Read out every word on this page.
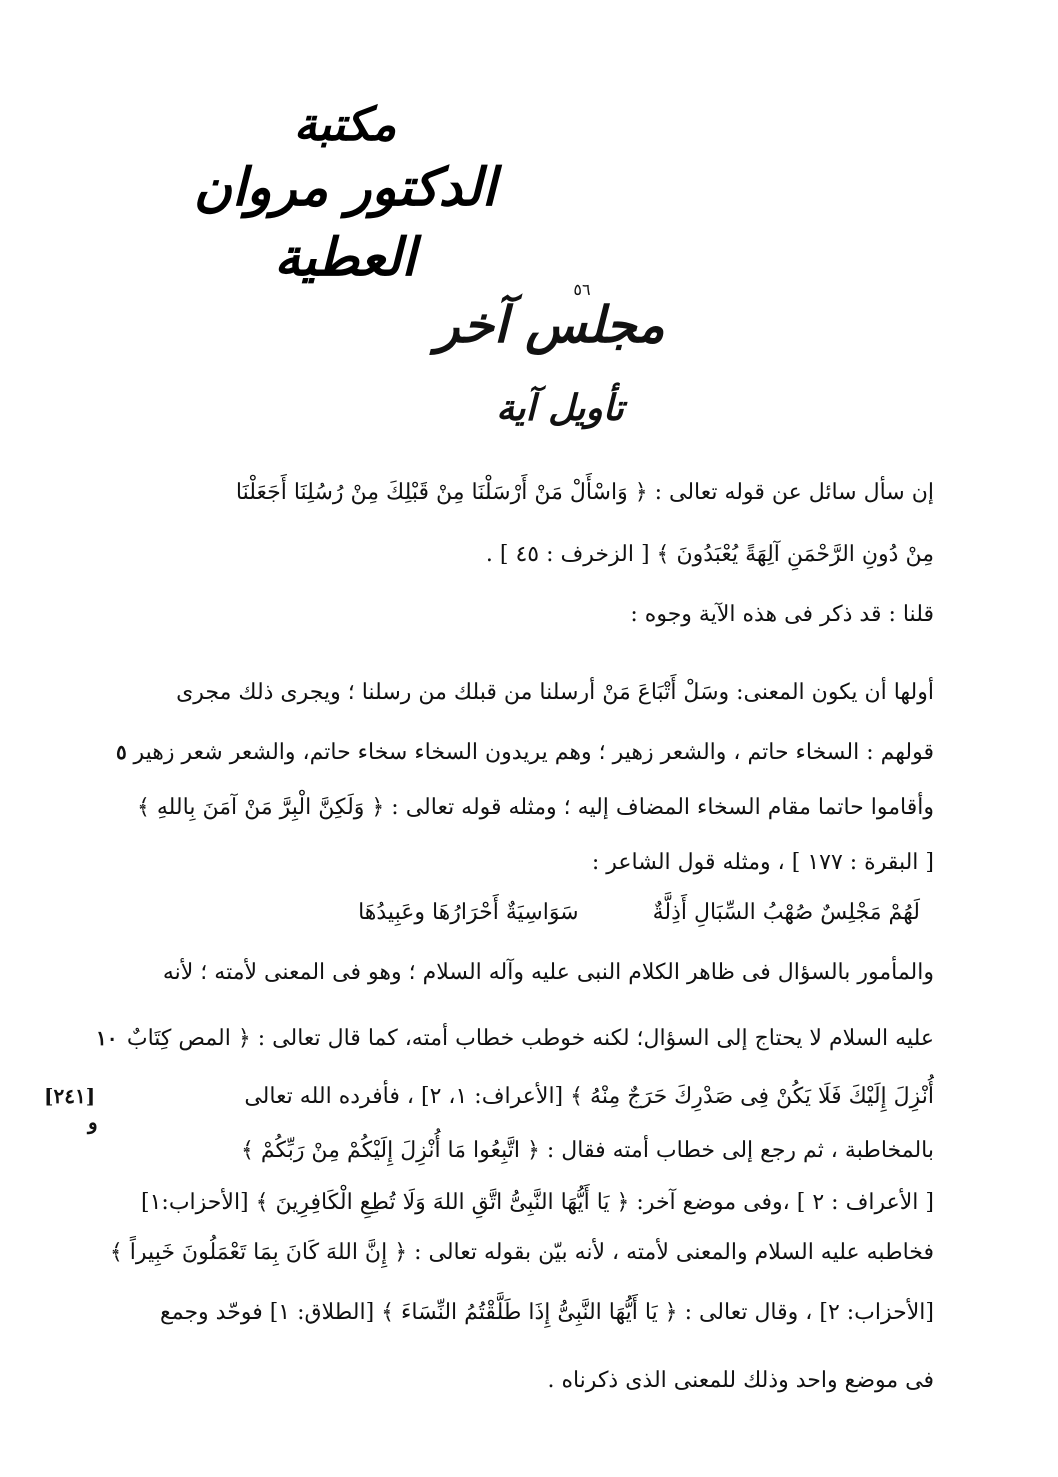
مكتبة
الدكتور مروان العطية
٥٦
مجلس آخر
تأويل آية
إن سأل سائل عن قوله تعالى : ﴿ وَاسْأَلْ مَنْ أَرْسَلْنَا مِنْ قَبْلِكَ مِنْ رُسُلِنَا أَجَعَلْنَا
مِنْ دُونِ الرَّحْمَنِ آلِهَةً يُعْبَدُونَ ﴾ [ الزخرف : ٤٥ ] .
قلنا : قد ذكر فى هذه الآية وجوه :
أولها أن يكون المعنى: وسَلْ أَتْبَاعَ مَنْ أرسلنا من قبلك من رسلنا ؛ ويجرى ذلك مجرى
قولهم : السخاء حاتم ، والشعر زهير ؛ وهم يريدون السخاء سخاء حاتم، والشعر شعر زهير
٥
وأقاموا حاتما مقام السخاء المضاف إليه ؛ ومثله قوله تعالى : ﴿ وَلَكِنَّ الْبِرَّ مَنْ آمَنَ بِاللهِ ﴾
[ البقرة : ١٧٧ ] ، ومثله قول الشاعر :
لَهُمْ مَجْلِسٌ صُهْبُ السِّبَالِ أَذِلَّةٌ  سَوَاسِيَةٌ أَحْرَارُهَا وعَبِيدُهَا
والمأمور بالسؤال فى ظاهر الكلام النبى عليه وآله السلام ؛ وهو فى المعنى لأمته ؛ لأنه
عليه السلام لا يحتاج إلى السؤال؛ لكنه خوطب خطاب أمته، كما قال تعالى : ﴿ المص كِتَابٌ
١٠
أُنْزِلَ إِلَيْكَ فَلَا يَكُنْ فِى صَدْرِكَ حَرَجٌ مِنْهُ ﴾ [الأعراف: ١، ٢] ، فأفرده الله تعالى
[٢٤١]
و
بالمخاطبة ، ثم رجع إلى خطاب أمته فقال : ﴿ اتَّبِعُوا مَا أُنْزِلَ إِلَيْكُمْ مِنْ رَبِّكُمْ ﴾
[ الأعراف : ٢ ] ،وفى موضع آخر: ﴿ يَا أَيُّهَا النَّبِىُّ اتَّقِ اللهَ وَلَا تُطِعِ الْكَافِرِينَ ﴾ [الأحزاب:١]
فخاطبه عليه السلام والمعنى لأمته ، لأنه بيّن بقوله تعالى : ﴿ إِنَّ اللهَ كَانَ بِمَا تَعْمَلُونَ خَبِيراً ﴾
[الأحزاب: ٢] ، وقال تعالى : ﴿ يَا أَيُّهَا النَّبِىُّ إِذَا طَلَّقْتُمُ النِّسَاءَ ﴾ [الطلاق: ١] فوحّد وجمع
فى موضع واحد وذلك للمعنى الذى ذكرناه .
